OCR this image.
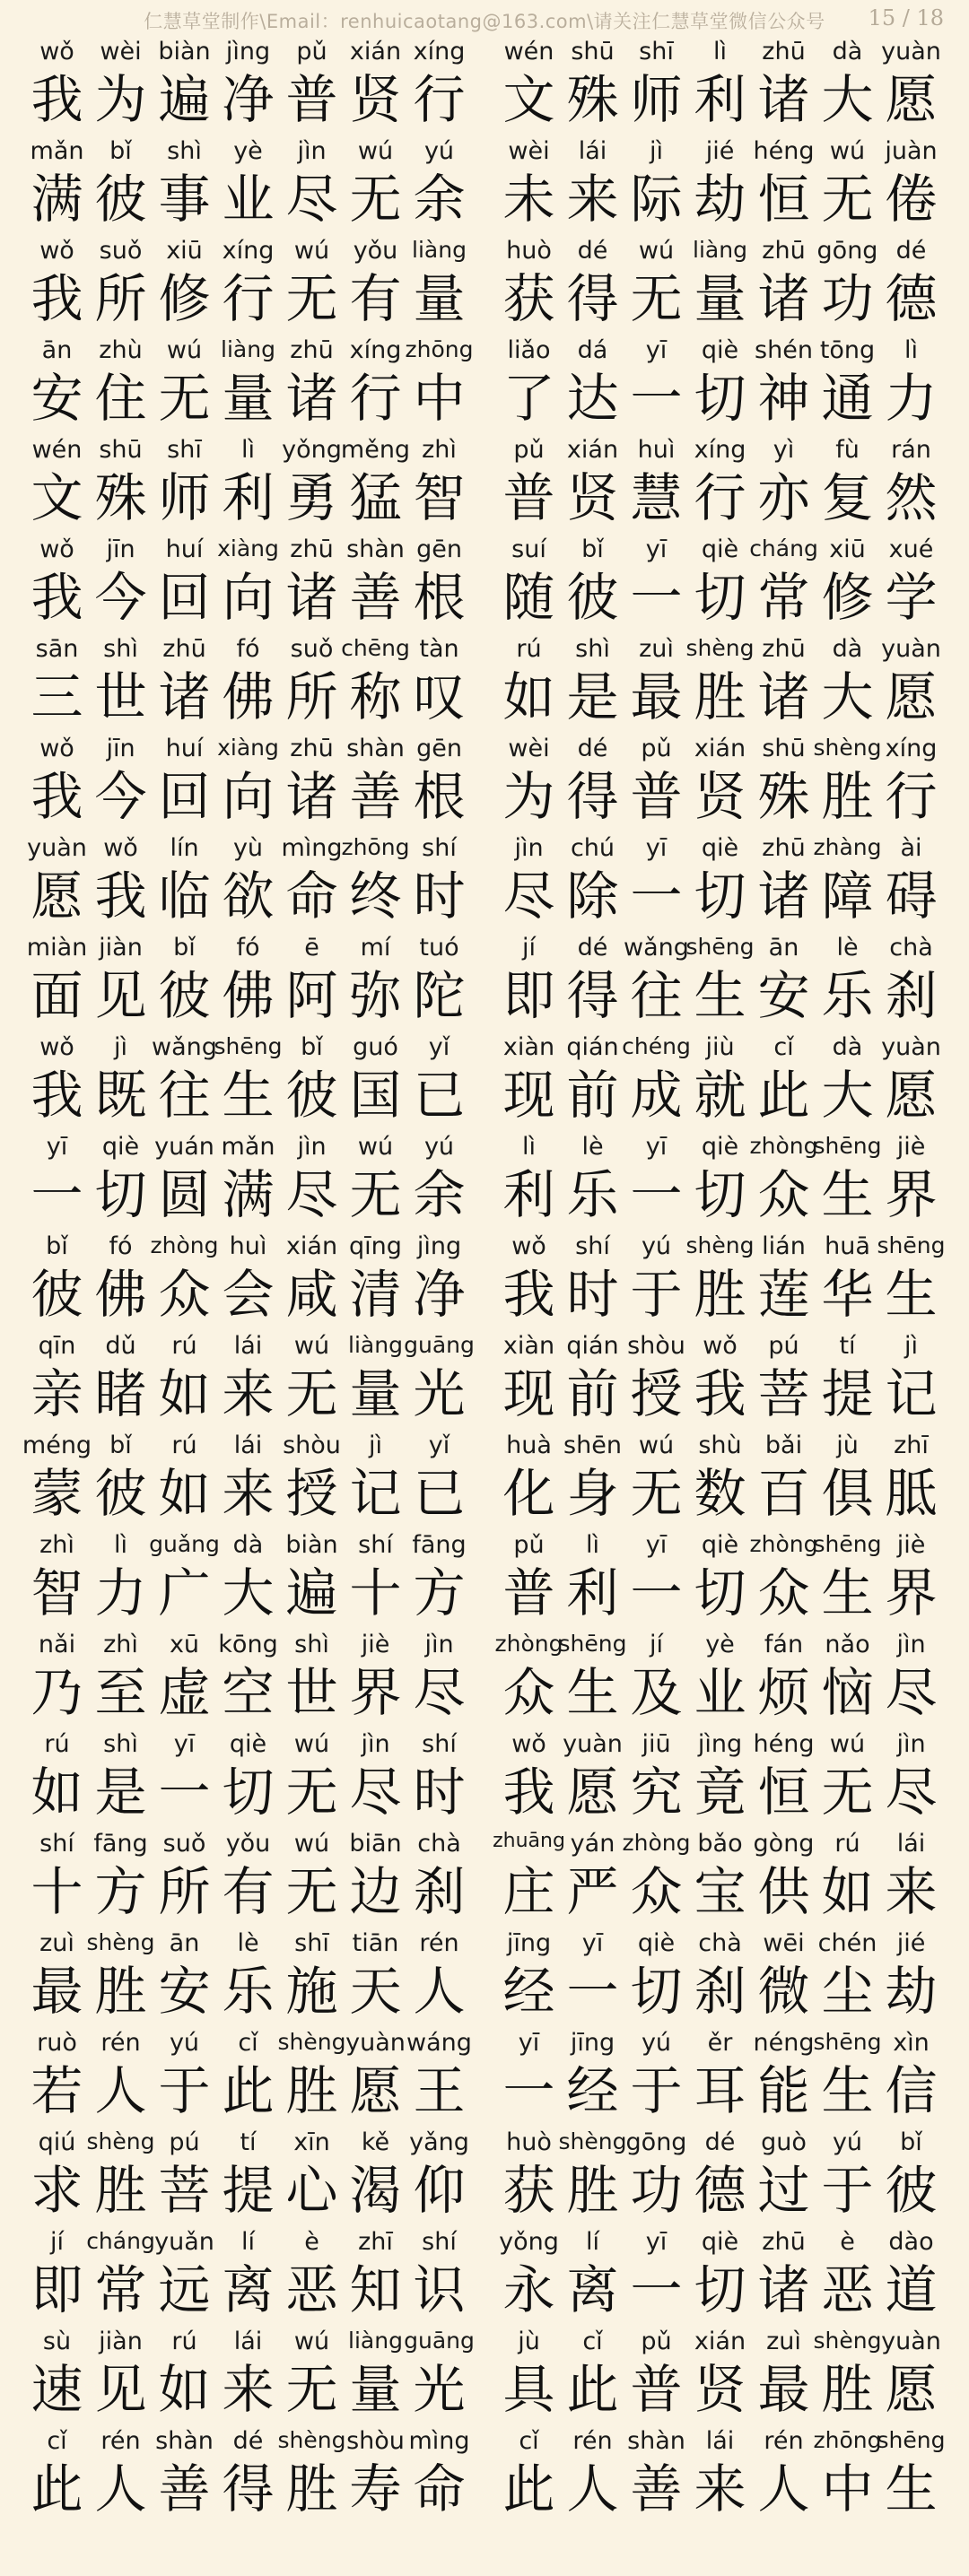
仁慧草堂制作\Email：renhuicaotang@163.com\请关注仁慧草堂微信公众号	15 / 18
wǒ
我
wèi
为
biàn
遍
jìng
净
pǔ
普
xián
贤
xíng
行
wén
文
shū
殊
shī
师
lì
利
zhū
诸
dà
大
yuàn
愿
mǎn
满
bǐ
彼
shì
事
yè
业
jìn
尽
wú
无
yú
余
wèi
未
lái
来
jì
际
jié
劫
héng
恒
wú
无
juàn
倦
wǒ
我
suǒ
所
xiū
修
xíng
行
wú
无
yǒu
有
liàng
量
huò
获
dé
得
wú
无
liàng
量
zhū
诸
gōng
功
dé
德
ān
安
zhù
住
wú
无
liàng
量
zhū
诸
xíng
行
zhōng
中
liǎo
了
dá
达
yī
一
qiè
切
shén
神
tōng
通
lì
力
wén
文
shū
殊
shī
师
lì
利
yǒng
勇
měng
猛
zhì
智
pǔ
普
xián
贤
huì
慧
xíng
行
yì
亦
fù
复
rán
然
wǒ
我
jīn
今
huí
回
xiàng
向
zhū
诸
shàn
善
gēn
根
suí
随
bǐ
彼
yī
一
qiè
切
cháng
常
xiū
修
xué
学
sān
三
shì
世
zhū
诸
fó
佛
suǒ
所
chēng
称
tàn
叹
rú
如
shì
是
zuì
最
shèng
胜
zhū
诸
dà
大
yuàn
愿
wǒ
我
jīn
今
huí
回
xiàng
向
zhū
诸
shàn
善
gēn
根
wèi
为
dé
得
pǔ
普
xián
贤
shū
殊
shèng
胜
xíng
行
yuàn
愿
wǒ
我
lín
临
yù
欲
mìng
命
zhōng
终
shí
时
jìn
尽
chú
除
yī
一
qiè
切
zhū
诸
zhàng
障
ài
碍
miàn
面
jiàn
见
bǐ
彼
fó
佛
ē
阿
mí
弥
tuó
陀
jí
即
dé
得
wǎng
往
shēng
生
ān
安
lè
乐
chà
刹
wǒ
我
jì
既
wǎng
往
shēng
生
bǐ
彼
guó
国
yǐ
已
xiàn
现
qián
前
chéng
成
jiù
就
cǐ
此
dà
大
yuàn
愿
yī
一
qiè
切
yuán
圆
mǎn
满
jìn
尽
wú
无
yú
余
lì
利
lè
乐
yī
一
qiè
切
zhòng
众
shēng
生
jiè
界
bǐ
彼
fó
佛
zhòng
众
huì
会
xián
咸
qīng
清
jìng
净
wǒ
我
shí
时
yú
于
shèng
胜
lián
莲
huā
华
shēng
生
qīn
亲
dǔ
睹
rú
如
lái
来
wú
无
liàng
量
guāng
光
xiàn
现
qián
前
shòu
授
wǒ
我
pú
菩
tí
提
jì
记
méng
蒙
bǐ
彼
rú
如
lái
来
shòu
授
jì
记
yǐ
已
huà
化
shēn
身
wú
无
shù
数
bǎi
百
jù
俱
zhī
胝
zhì
智
lì
力
guǎng
广
dà
大
biàn
遍
shí
十
fāng
方
pǔ
普
lì
利
yī
一
qiè
切
zhòng
众
shēng
生
jiè
界
nǎi
乃
zhì
至
xū
虚
kōng
空
shì
世
jiè
界
jìn
尽
zhòng
众
shēng
生
jí
及
yè
业
fán
烦
nǎo
恼
jìn
尽
rú
如
shì
是
yī
一
qiè
切
wú
无
jìn
尽
shí
时
wǒ
我
yuàn
愿
jiū
究
jìng
竟
héng
恒
wú
无
jìn
尽
shí
十
fāng
方
suǒ
所
yǒu
有
wú
无
biān
边
chà
刹
zhuāng
庄
yán
严
zhòng
众
bǎo
宝
gòng
供
rú
如
lái
来
zuì
最
shèng
胜
ān
安
lè
乐
shī
施
tiān
天
rén
人
jīng
经
yī
一
qiè
切
chà
刹
wēi
微
chén
尘
jié
劫
ruò
若
rén
人
yú
于
cǐ
此
shèng
胜
yuàn
愿
wáng
王
yī
一
jīng
经
yú
于
ěr
耳
néng
能
shēng
生
xìn
信
qiú
求
shèng
胜
pú
菩
tí
提
xīn
心
kě
渴
yǎng
仰
huò
获
shèng
胜
gōng
功
dé
德
guò
过
yú
于
bǐ
彼
jí
即
cháng
常
yuǎn
远
lí
离
è
恶
zhī
知
shí
识
yǒng
永
lí
离
yī
一
qiè
切
zhū
诸
è
恶
dào
道
sù
速
jiàn
见
rú
如
lái
来
wú
无
liàng
量
guāng
光
jù
具
cǐ
此
pǔ
普
xián
贤
zuì
最
shèng
胜
yuàn
愿
cǐ
此
rén
人
shàn
善
dé
得
shèng
胜
shòu
寿
mìng
命
cǐ
此
rén
人
shàn
善
lái
来
rén
人
zhōng
中
shēng
生
